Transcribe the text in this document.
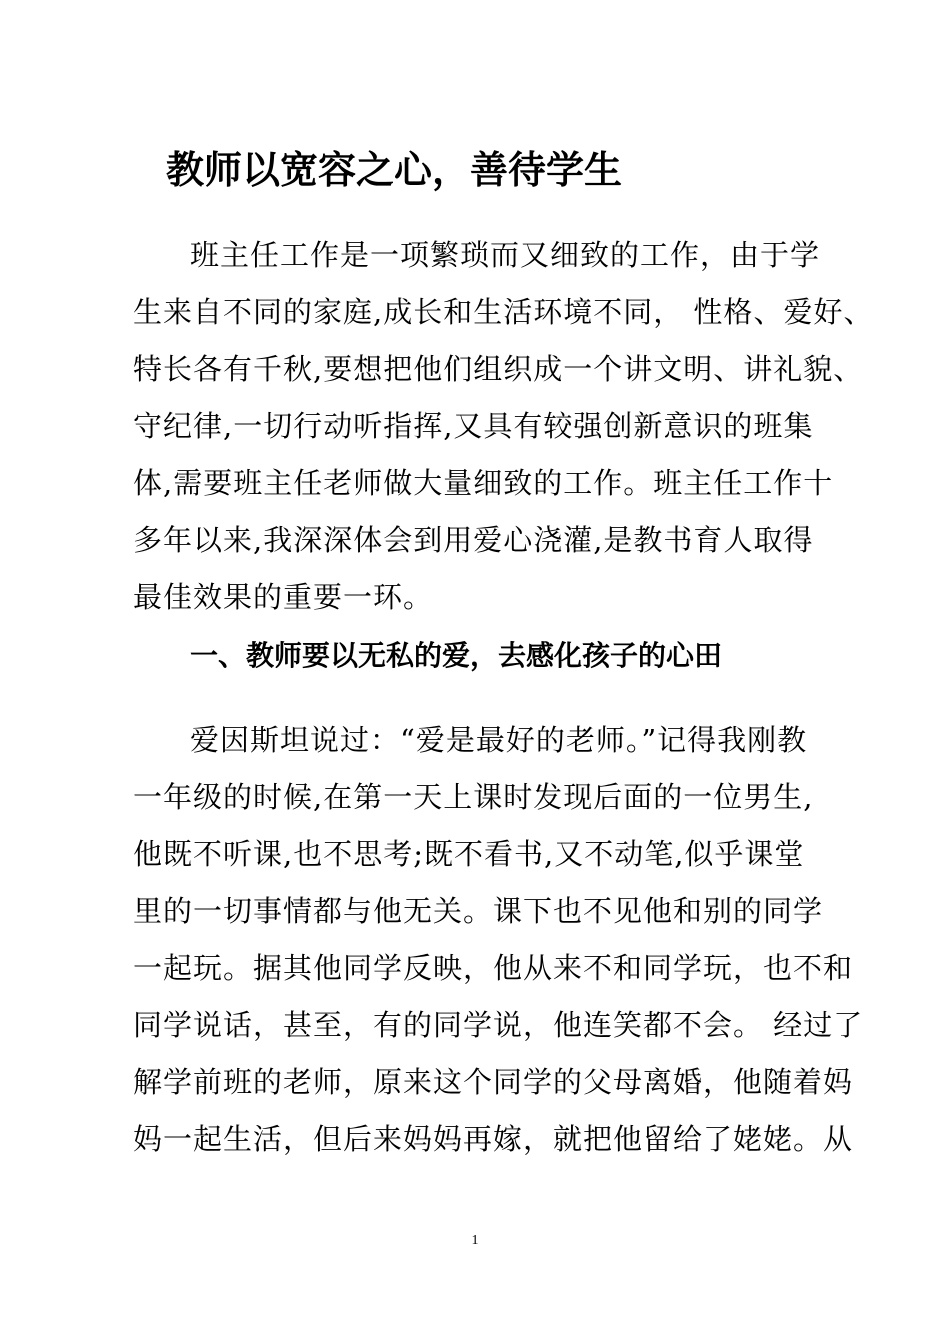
教师以宽容之心，善待学生
班主任工作是一项繁琐而又细致的工作，由于学
生来自不同的家庭,成长和生活环境不同， 性格、爱好、
特长各有千秋,要想把他们组织成一个讲文明、讲礼貌、
守纪律,一切行动听指挥,又具有较强创新意识的班集
体,需要班主任老师做大量细致的工作。班主任工作十
多年以来,我深深体会到用爱心浇灌,是教书育人取得
最佳效果的重要一环。
一、教师要以无私的爱，去感化孩子的心田
爱因斯坦说过：“爱是最好的老师。”记得我刚教
一年级的时候,在第一天上课时发现后面的一位男生,
他既不听课,也不思考;既不看书,又不动笔,似乎课堂
里的一切事情都与他无关。课下也不见他和别的同学
一起玩。据其他同学反映，他从来不和同学玩，也不和
同学说话，甚至，有的同学说，他连笑都不会。 经过了
解学前班的老师，原来这个同学的父母离婚，他随着妈
妈一起生活，但后来妈妈再嫁，就把他留给了姥姥。从
1
